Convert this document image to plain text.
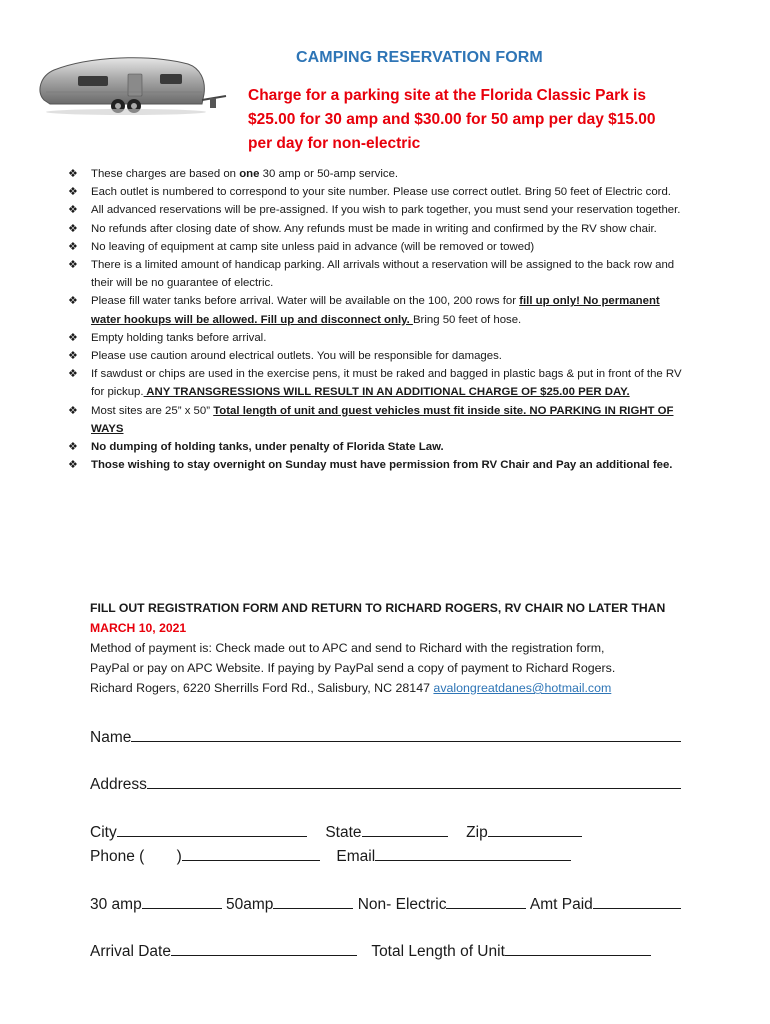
CAMPING RESERVATION FORM
Charge for a parking site at the Florida Classic Park is
$25.00 for 30 amp and $30.00 for 50 amp per day $15.00
per day for non-electric
❖ These charges are based on one 30 amp or 50-amp service.
❖ Each outlet is numbered to correspond to your site number. Please use correct outlet. Bring 50 feet of Electric cord.
❖ All advanced reservations will be pre-assigned. If you wish to park together, you must send your reservation together.
❖ No refunds after closing date of show. Any refunds must be made in writing and confirmed by the RV show chair.
❖ No leaving of equipment at camp site unless paid in advance (will be removed or towed)
❖ There is a limited amount of handicap parking. All arrivals without a reservation will be assigned to the back row and their will be no guarantee of electric.
❖ Please fill water tanks before arrival. Water will be available on the 100, 200 rows for fill up only! No permanent water hookups will be allowed. Fill up and disconnect only. Bring 50 feet of hose.
❖ Empty holding tanks before arrival.
❖ Please use caution around electrical outlets. You will be responsible for damages.
❖ If sawdust or chips are used in the exercise pens, it must be raked and bagged in plastic bags & put in front of the RV for pickup. ANY TRANSGRESSIONS WILL RESULT IN AN ADDITIONAL CHARGE OF $25.00 PER DAY.
❖ Most sites are 25” x 50” Total length of unit and guest vehicles must fit inside site. NO PARKING IN RIGHT OF WAYS
❖ No dumping of holding tanks, under penalty of Florida State Law.
❖ Those wishing to stay overnight on Sunday must have permission from RV Chair and Pay an additional fee.
FILL OUT REGISTRATION FORM AND RETURN TO RICHARD ROGERS, RV CHAIR NO LATER THAN
MARCH 10, 2021
Method of payment is: Check made out to APC and send to Richard with the registration form,
PayPal or pay on APC Website. If paying by PayPal send a copy of payment to Richard Rogers.
Richard Rogers, 6220 Sherrills Ford Rd., Salisbury, NC 28147 avalongreatdanes@hotmail.com
Name
Address
City	State	Zip
Phone ( )	Email
30 amp	50amp	Non- Electric	Amt Paid
Arrival Date	Total Length of Unit
